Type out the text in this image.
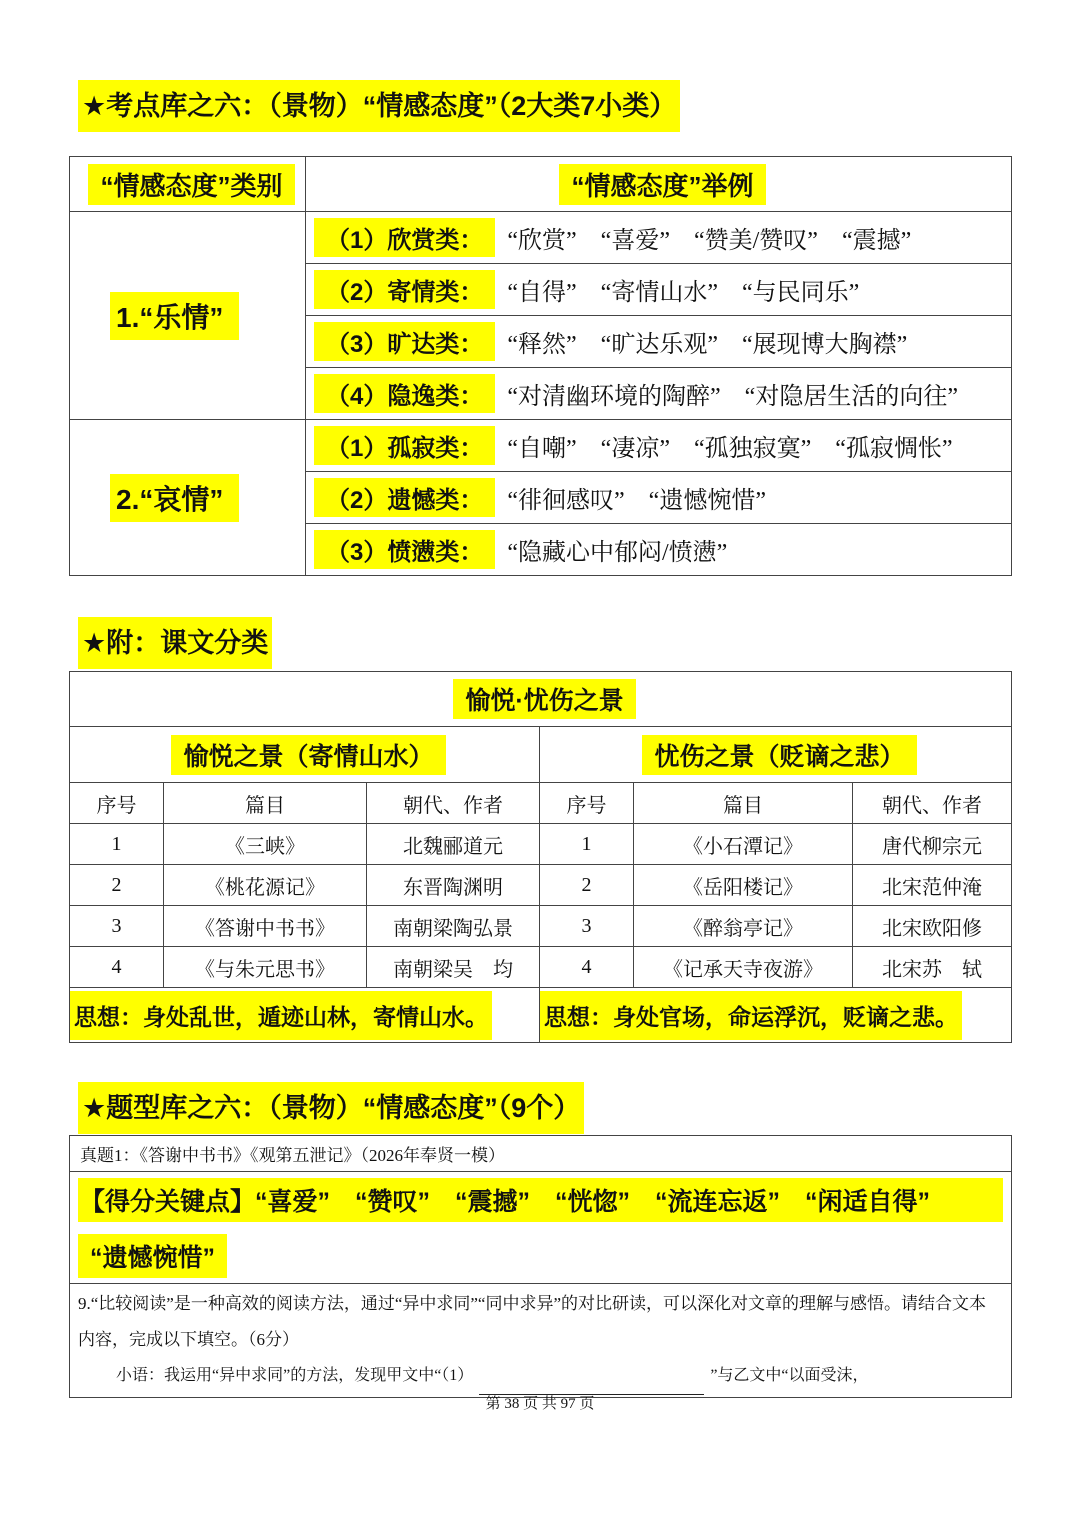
★考点库之六：（景物）“情感态度”（2大类7小类）
“情感态度”类别	“情感态度”举例
1.“乐情”	（1）欣赏类： “欣赏”　“喜爱”　“赞美/赞叹”　“震撼”
	（2）寄情类： “自得”　“寄情山水”　“与民同乐”
	（3）旷达类： “释然”　“旷达乐观”　“展现博大胸襟”
	（4）隐逸类： “对清幽环境的陶醉”　“对隐居生活的向往”
2.“哀情”	（1）孤寂类： “自嘲”　“凄凉”　“孤独寂寞”　“孤寂惆怅”
	（2）遗憾类： “徘徊感叹”　“遗憾惋惜”
	（3）愤懑类： “隐藏心中郁闷/愤懑”
★附：课文分类
愉悦·忧伤之景					
愉悦之景（寄情山水）			忧伤之景（贬谪之悲）		
序号	篇目	朝代、作者	序号	篇目	朝代、作者
1	《三峡》	北魏郦道元	1	《小石潭记》	唐代柳宗元
2	《桃花源记》	东晋陶渊明	2	《岳阳楼记》	北宋范仲淹
3	《答谢中书书》	南朝梁陶弘景	3	《醉翁亭记》	北宋欧阳修
4	《与朱元思书》	南朝梁吴　均	4	《记承天寺夜游》	北宋苏　轼
思想：身处乱世，遁迹山林，寄情山水。			思想：身处官场，命运浮沉，贬谪之悲。		
★题型库之六：（景物）“情感态度”（9个）
真题1：《答谢中书书》《观第五泄记》（2026年奉贤一模）

【得分关键点】“喜爱”　“赞叹”　“震撼”　“恍惚”　“流连忘返”　“闲适自得”
“遗憾惋惜”

9.“比较阅读”是一种高效的阅读方法，通过“异中求同”“同中求异”的对比研读，可以深化对文章的理解与感悟。请结合文本内容，完成以下填空。（6分）
小语：我运用“异中求同”的方法，发现甲文中“（1）	”与乙文中“以面受沫，
第 38 页 共 97 页
